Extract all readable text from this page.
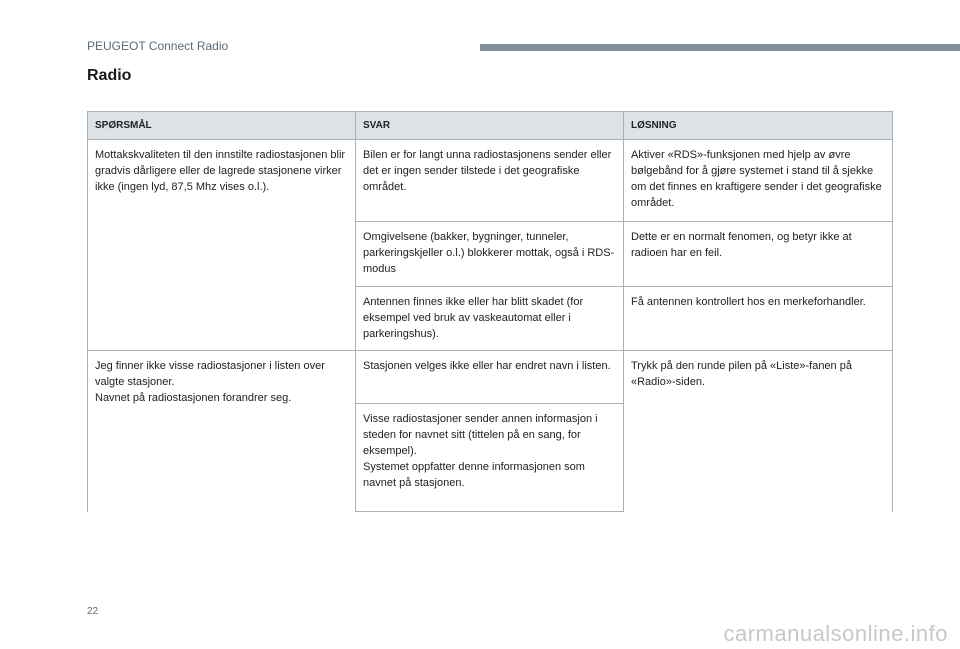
PEUGEOT Connect Radio
Radio
SPØRSMÅL	SVAR	LØSNING
Mottakskvaliteten til den innstilte radiostasjonen blir gradvis dårligere eller de lagrede stasjonene virker ikke (ingen lyd, 87,5 Mhz vises o.l.).	Bilen er for langt unna radiostasjonens sender eller det er ingen sender tilstede i det geografiske området.	Aktiver «RDS»-funksjonen med hjelp av øvre bølgebånd for å gjøre systemet i stand til å sjekke om det finnes en kraftigere sender i det geografiske området.
	Omgivelsene (bakker, bygninger, tunneler, parkeringskjeller o.l.) blokkerer mottak, også i RDS-modus	Dette er en normalt fenomen, og betyr ikke at radioen har en feil.
	Antennen finnes ikke eller har blitt skadet (for eksempel ved bruk av vaskeautomat eller i parkeringshus).	Få antennen kontrollert hos en merkeforhandler.
Jeg finner ikke visse radiostasjoner i listen over valgte stasjoner.
Navnet på radiostasjonen forandrer seg.	Stasjonen velges ikke eller har endret navn i listen.	Trykk på den runde pilen på «Liste»-fanen på «Radio»-siden.
	Visse radiostasjoner sender annen informasjon i steden for navnet sitt (tittelen på en sang, for eksempel).
Systemet oppfatter denne informasjonen som navnet på stasjonen.	
22
carmanualsonline.info
